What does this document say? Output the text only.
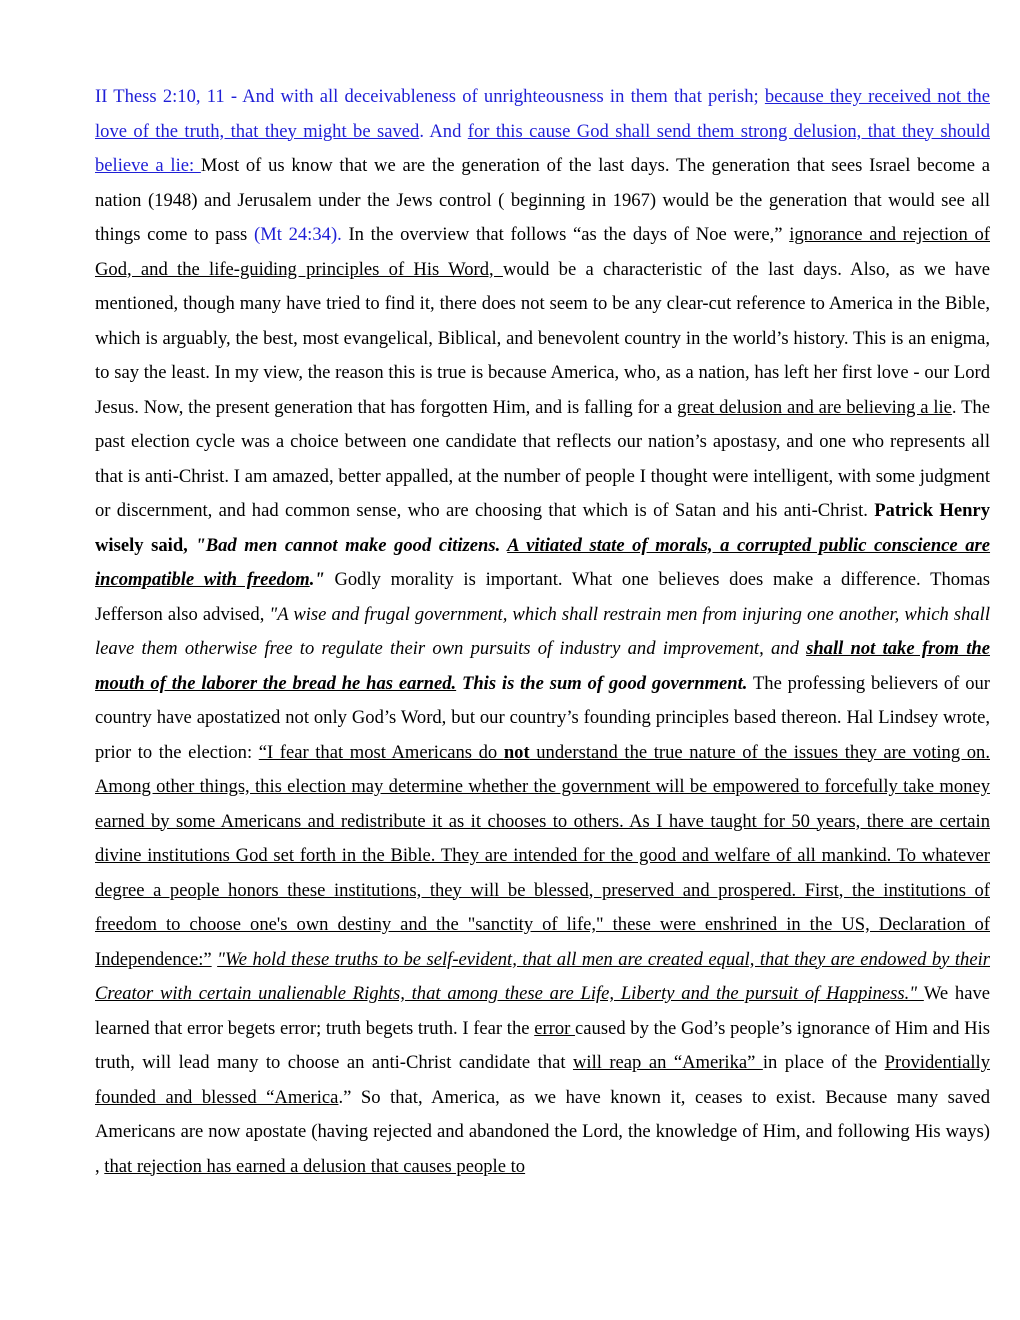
II Thess 2:10, 11 - And with all deceivableness of unrighteousness in them that perish; because they received not the love of the truth, that they might be saved. And for this cause God shall send them strong delusion, that they should believe a lie: Most of us know that we are the generation of the last days. The generation that sees Israel become a nation (1948) and Jerusalem under the Jews control ( beginning in 1967) would be the generation that would see all things come to pass (Mt 24:34). In the overview that follows “as the days of Noe were,” ignorance and rejection of God, and the life-guiding principles of His Word, would be a characteristic of the last days. Also, as we have mentioned, though many have tried to find it, there does not seem to be any clear-cut reference to America in the Bible, which is arguably, the best, most evangelical, Biblical, and benevolent country in the world’s history. This is an enigma, to say the least. In my view, the reason this is true is because America, who, as a nation, has left her first love - our Lord Jesus. Now, the present generation that has forgotten Him, and is falling for a great delusion and are believing a lie. The past election cycle was a choice between one candidate that reflects our nation’s apostasy, and one who represents all that is anti-Christ. I am amazed, better appalled, at the number of people I thought were intelligent, with some judgment or discernment, and had common sense, who are choosing that which is of Satan and his anti-Christ. Patrick Henry wisely said, "Bad men cannot make good citizens. A vitiated state of morals, a corrupted public conscience are incompatible with freedom." Godly morality is important. What one believes does make a difference. Thomas Jefferson also advised, "A wise and frugal government, which shall restrain men from injuring one another, which shall leave them otherwise free to regulate their own pursuits of industry and improvement, and shall not take from the mouth of the laborer the bread he has earned. This is the sum of good government. The professing believers of our country have apostatized not only God’s Word, but our country’s founding principles based thereon. Hal Lindsey wrote, prior to the election: “I fear that most Americans do not understand the true nature of the issues they are voting on. Among other things, this election may determine whether the government will be empowered to forcefully take money earned by some Americans and redistribute it as it chooses to others. As I have taught for 50 years, there are certain divine institutions God set forth in the Bible. They are intended for the good and welfare of all mankind. To whatever degree a people honors these institutions, they will be blessed, preserved and prospered. First, the institutions of freedom to choose one's own destiny and the "sanctity of life," these were enshrined in the US, Declaration of Independence:” "We hold these truths to be self-evident, that all men are created equal, that they are endowed by their Creator with certain unalienable Rights, that among these are Life, Liberty and the pursuit of Happiness." We have learned that error begets error; truth begets truth. I fear the error caused by the God’s people’s ignorance of Him and His truth, will lead many to choose an anti-Christ candidate that will reap an “Amerika” in place of the Providentially founded and blessed “America.” So that, America, as we have known it, ceases to exist. Because many saved Americans are now apostate (having rejected and abandoned the Lord, the knowledge of Him, and following His ways) , that rejection has earned a delusion that causes people to
